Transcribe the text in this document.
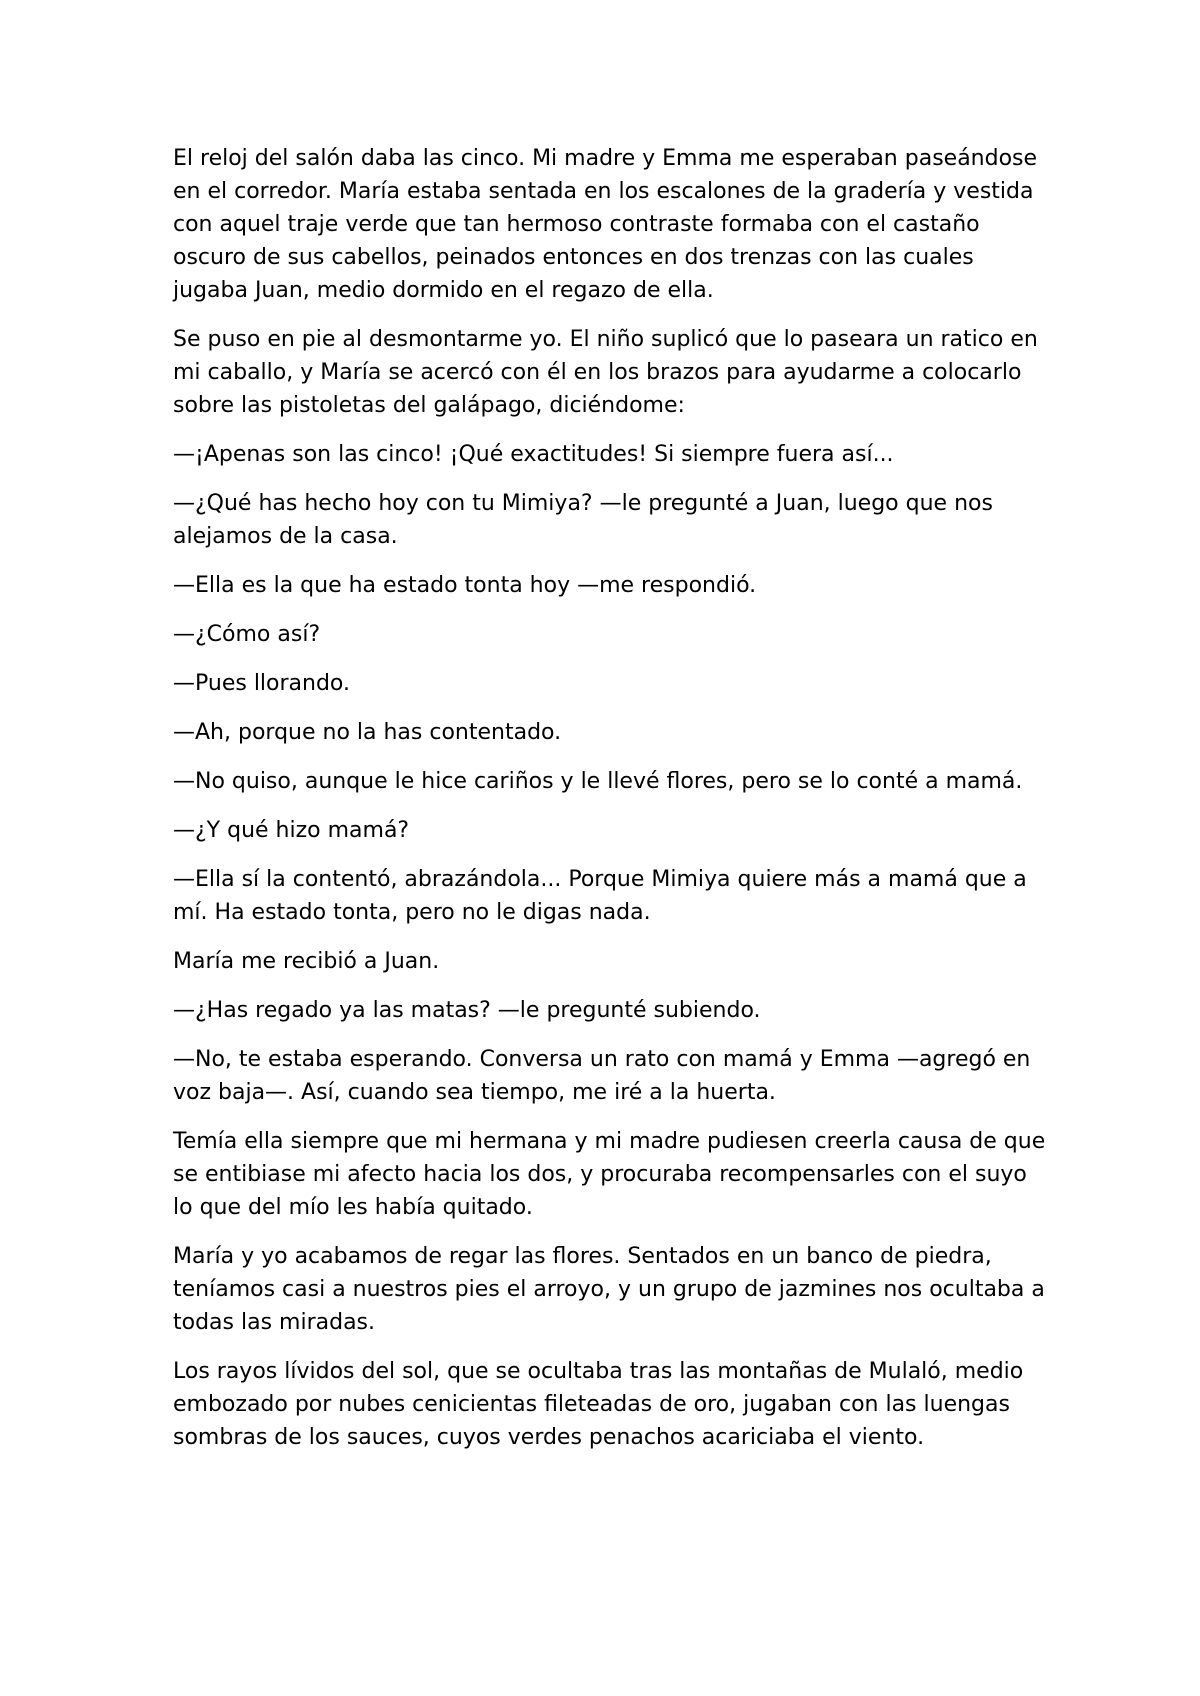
El reloj del salón daba las cinco. Mi madre y Emma me esperaban paseándose en el corredor. María estaba sentada en los escalones de la gradería y vestida con aquel traje verde que tan hermoso contraste formaba con el castaño oscuro de sus cabellos, peinados entonces en dos trenzas con las cuales jugaba Juan, medio dormido en el regazo de ella.

Se puso en pie al desmontarme yo. El niño suplicó que lo paseara un ratico en mi caballo, y María se acercó con él en los brazos para ayudarme a colocarlo sobre las pistoletas del galápago, diciéndome:

—¡Apenas son las cinco! ¡Qué exactitudes! Si siempre fuera así...

—¿Qué has hecho hoy con tu Mimiya? —le pregunté a Juan, luego que nos alejamos de la casa.

—Ella es la que ha estado tonta hoy —me respondió.

—¿Cómo así?

—Pues llorando.

—Ah, porque no la has contentado.

—No quiso, aunque le hice cariños y le llevé flores, pero se lo conté a mamá.

—¿Y qué hizo mamá?

—Ella sí la contentó, abrazándola... Porque Mimiya quiere más a mamá que a mí. Ha estado tonta, pero no le digas nada.

María me recibió a Juan.

—¿Has regado ya las matas? —le pregunté subiendo.

—No, te estaba esperando. Conversa un rato con mamá y Emma —agregó en voz baja—. Así, cuando sea tiempo, me iré a la huerta.

Temía ella siempre que mi hermana y mi madre pudiesen creerla causa de que se entibiase mi afecto hacia los dos, y procuraba recompensarles con el suyo lo que del mío les había quitado.

María y yo acabamos de regar las flores. Sentados en un banco de piedra, teníamos casi a nuestros pies el arroyo, y un grupo de jazmines nos ocultaba a todas las miradas.

Los rayos lívidos del sol, que se ocultaba tras las montañas de Mulaló, medio embozado por nubes cenicientas fileteadas de oro, jugaban con las luengas sombras de los sauces, cuyos verdes penachos acariciaba el viento.
